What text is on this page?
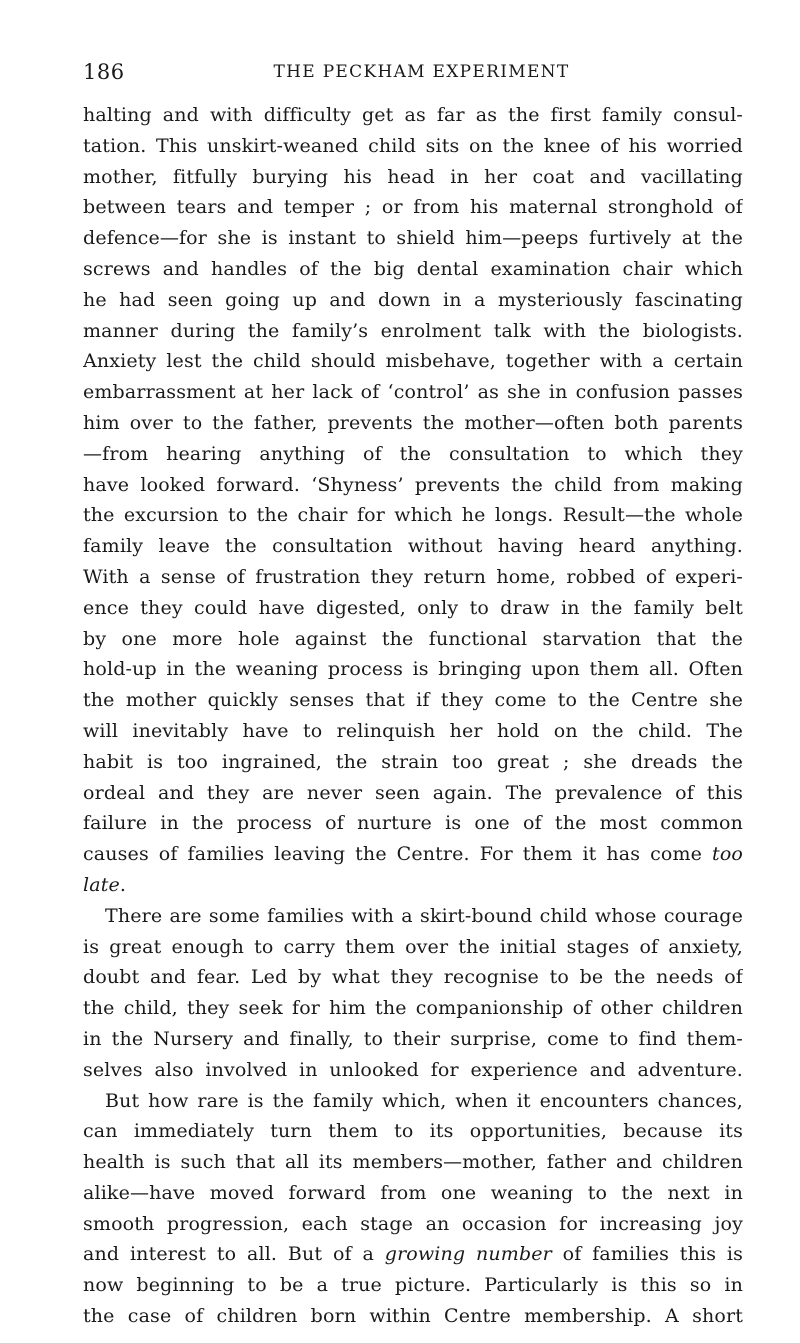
186	THE PECKHAM EXPERIMENT
halting and with difficulty get as far as the first family consul-
tation. This unskirt-weaned child sits on the knee of his worried
mother, fitfully burying his head in her coat and vacillating
between tears and temper ; or from his maternal stronghold of
defence—for she is instant to shield him—peeps furtively at the
screws and handles of the big dental examination chair which
he had seen going up and down in a mysteriously fascinating
manner during the family’s enrolment talk with the biologists.
Anxiety lest the child should misbehave, together with a certain
embarrassment at her lack of ‘control’ as she in confusion passes
him over to the father, prevents the mother—often both parents
—from hearing anything of the consultation to which they
have looked forward. ‘Shyness’ prevents the child from making
the excursion to the chair for which he longs. Result—the whole
family leave the consultation without having heard anything.
With a sense of frustration they return home, robbed of experi-
ence they could have digested, only to draw in the family belt
by one more hole against the functional starvation that the
hold-up in the weaning process is bringing upon them all. Often
the mother quickly senses that if they come to the Centre she
will inevitably have to relinquish her hold on the child. The
habit is too ingrained, the strain too great ; she dreads the
ordeal and they are never seen again. The prevalence of this
failure in the process of nurture is one of the most common
causes of families leaving the Centre. For them it has come too
late.
There are some families with a skirt-bound child whose courage
is great enough to carry them over the initial stages of anxiety,
doubt and fear. Led by what they recognise to be the needs of
the child, they seek for him the companionship of other children
in the Nursery and finally, to their surprise, come to find them-
selves also involved in unlooked for experience and adventure.
But how rare is the family which, when it encounters chances,
can immediately turn them to its opportunities, because its
health is such that all its members—mother, father and children
alike—have moved forward from one weaning to the next in
smooth progression, each stage an occasion for increasing joy
and interest to all. But of a growing number of families this is
now beginning to be a true picture. Particularly is this so in
the case of children born within Centre membership. A short
